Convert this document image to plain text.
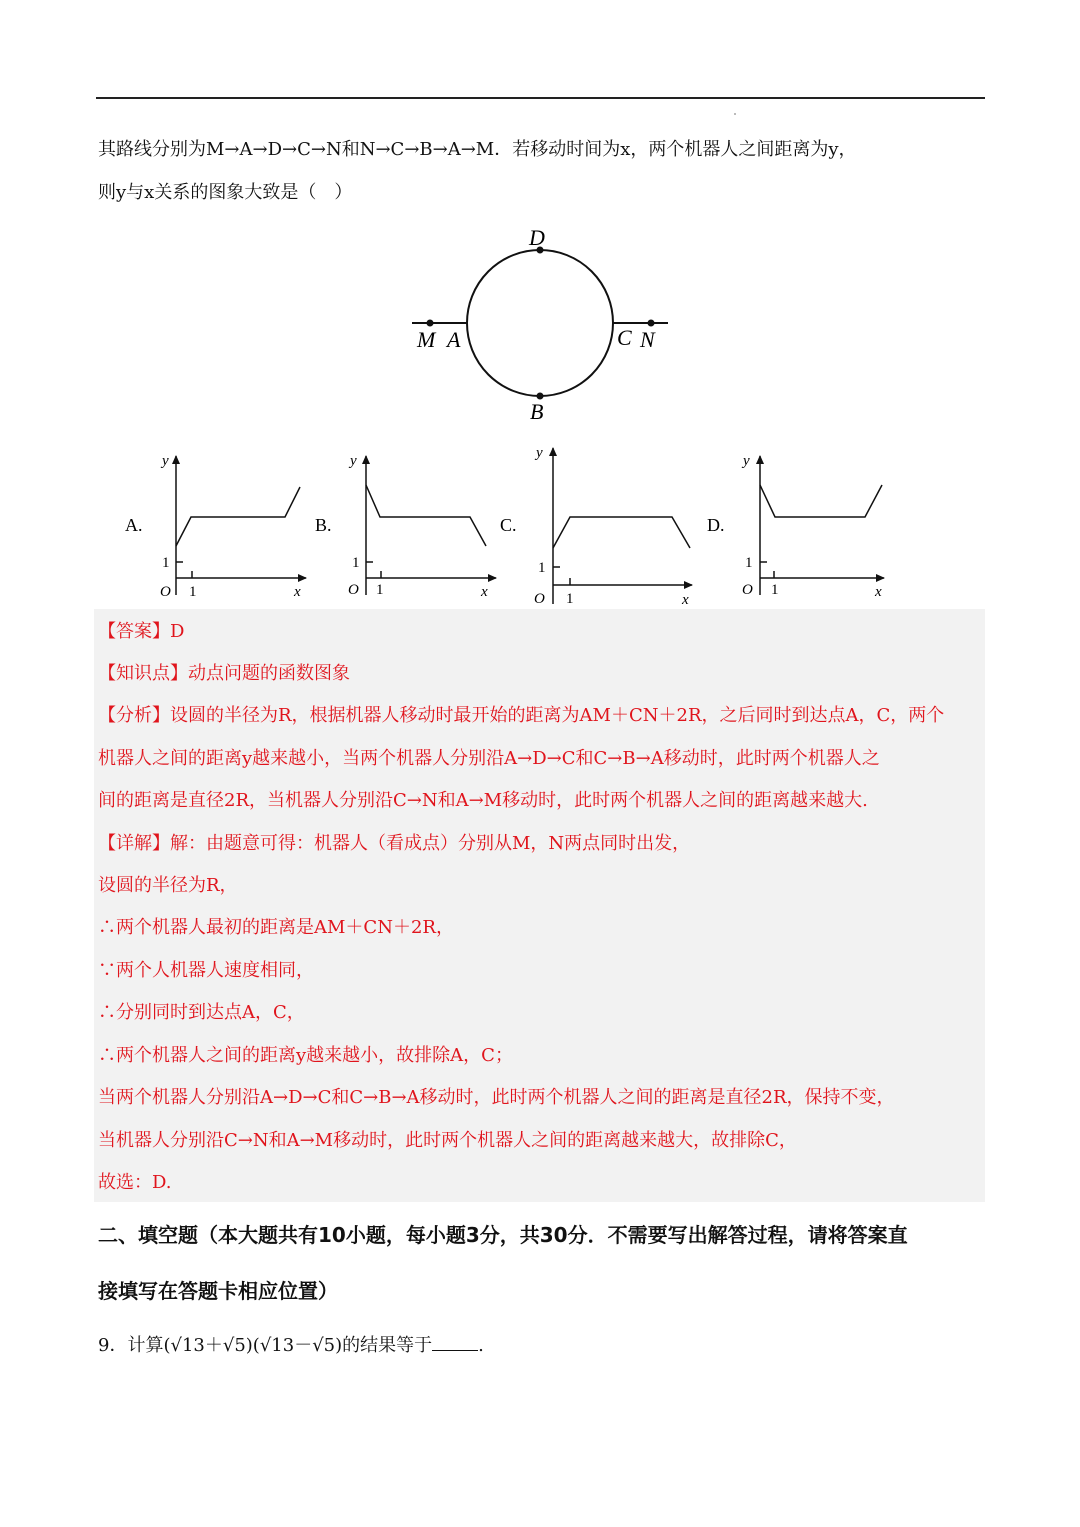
其路线分别为M→A→D→C→N和N→C→B→A→M．若移动时间为x，两个机器人之间距离为y，
则y与x关系的图象大致是（　）
D
M A	C N
B
A.
y
x
O 1
1
B.
y
x
O 1
1
C.
y
x
O 1
1
D.
y
x
O 1
1
【答案】D
【知识点】动点问题的函数图象
【分析】设圆的半径为R，根据机器人移动时最开始的距离为AM＋CN＋2R，之后同时到达点A，C，两个
机器人之间的距离y越来越小，当两个机器人分别沿A→D→C和C→B→A移动时，此时两个机器人之
间的距离是直径2R，当机器人分别沿C→N和A→M移动时，此时两个机器人之间的距离越来越大.
【详解】解：由题意可得：机器人（看成点）分别从M，N两点同时出发，
设圆的半径为R，
∴两个机器人最初的距离是AM＋CN＋2R，
∵两个人机器人速度相同，
∴分别同时到达点A，C，
∴两个机器人之间的距离y越来越小，故排除A，C；
当两个机器人分别沿A→D→C和C→B→A移动时，此时两个机器人之间的距离是直径2R，保持不变，
当机器人分别沿C→N和A→M移动时，此时两个机器人之间的距离越来越大，故排除C，
故选：D.
二、填空题（本大题共有10小题，每小题3分，共30分．不需要写出解答过程，请将答案直
接填写在答题卡相应位置）
9．计算(√13＋√5)(√13－√5)的结果等于	.
